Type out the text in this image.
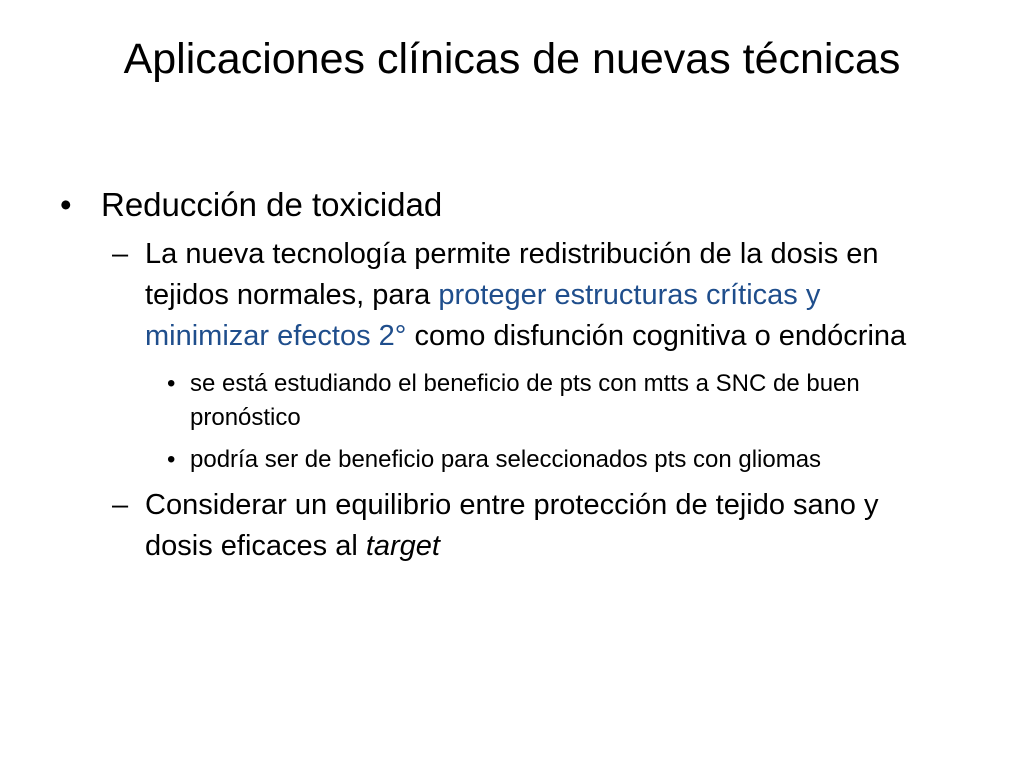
Aplicaciones clínicas de nuevas técnicas
• Reducción de toxicidad
– La nueva tecnología permite redistribución de la dosis en tejidos normales, para proteger estructuras críticas y minimizar efectos 2° como disfunción cognitiva o endócrina
• se está estudiando el beneficio de pts con mtts a SNC de buen pronóstico
• podría ser de beneficio para seleccionados pts con gliomas
– Considerar un equilibrio entre protección de tejido sano y dosis eficaces al target
